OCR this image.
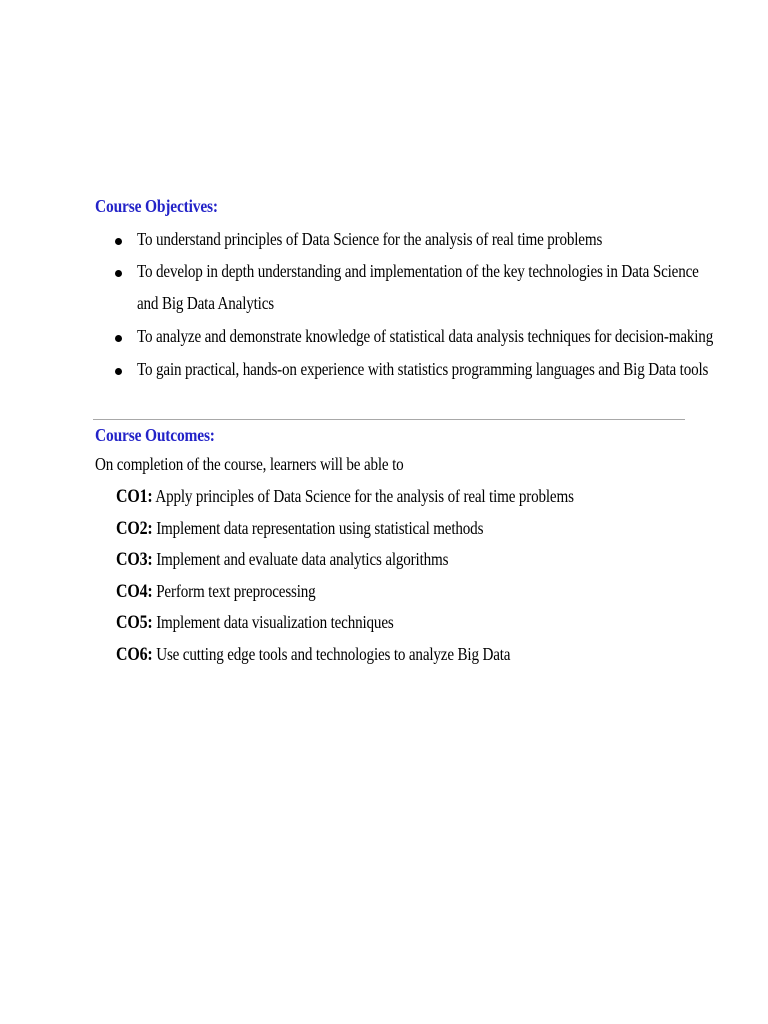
Course Objectives:
To understand principles of Data Science for the analysis of real time problems
To develop in depth understanding and implementation of the key technologies in Data Science
and Big Data Analytics
To analyze and demonstrate knowledge of statistical data analysis techniques for decision-making
To gain practical, hands-on experience with statistics programming languages and Big Data tools
Course Outcomes:
On completion of the course, learners will be able to
CO1: Apply principles of Data Science for the analysis of real time problems
CO2: Implement data representation using statistical methods
CO3: Implement and evaluate data analytics algorithms
CO4: Perform text preprocessing
CO5: Implement data visualization techniques
CO6: Use cutting edge tools and technologies to analyze Big Data
